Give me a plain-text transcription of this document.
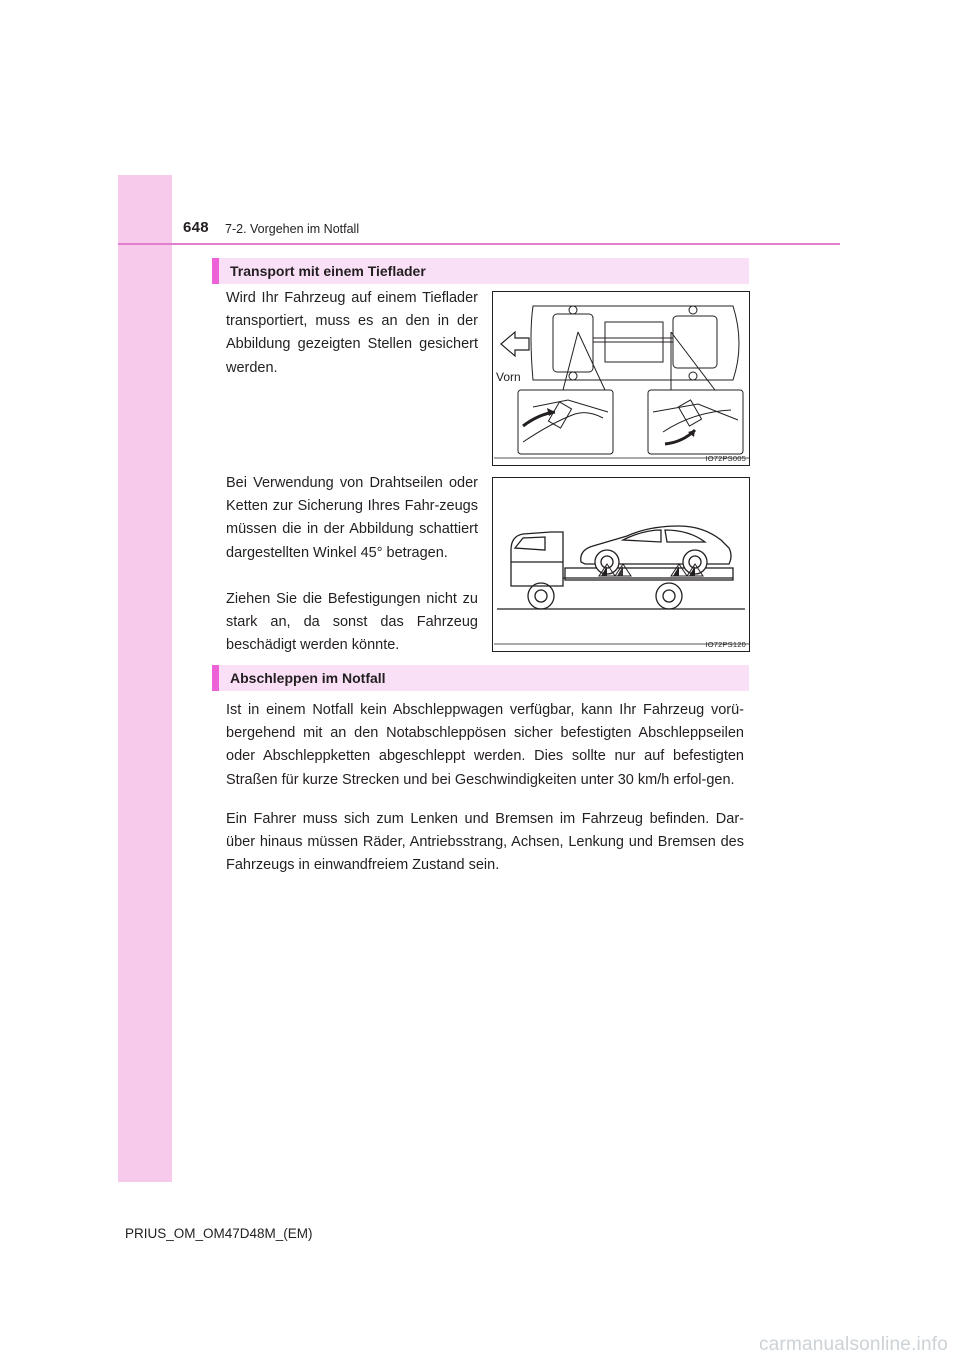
648 7-2. Vorgehen im Notfall
Transport mit einem Tieflader

Wird Ihr Fahrzeug auf einem Tieflader transportiert, muss es an den in der Abbildung gezeigten Stellen gesichert werden.

Vorn
IO72PS005

Bei Verwendung von Drahtseilen oder Ketten zur Sicherung Ihres Fahr-zeugs müssen die in der Abbildung schattiert dargestellten Winkel 45° betragen.

Ziehen Sie die Befestigungen nicht zu stark an, da sonst das Fahrzeug beschädigt werden könnte.	IO72PS120
Abschleppen im Notfall

Ist in einem Notfall kein Abschleppwagen verfügbar, kann Ihr Fahrzeug vorü-bergehend mit an den Notabschleppösen sicher befestigten Abschleppseilen oder Abschleppketten abgeschleppt werden. Dies sollte nur auf befestigten Straßen für kurze Strecken und bei Geschwindigkeiten unter 30 km/h erfol-gen.

Ein Fahrer muss sich zum Lenken und Bremsen im Fahrzeug befinden. Dar-über hinaus müssen Räder, Antriebsstrang, Achsen, Lenkung und Bremsen des Fahrzeugs in einwandfreiem Zustand sein.

PRIUS_OM_OM47D48M_(EM)
carmanualsonline.info
